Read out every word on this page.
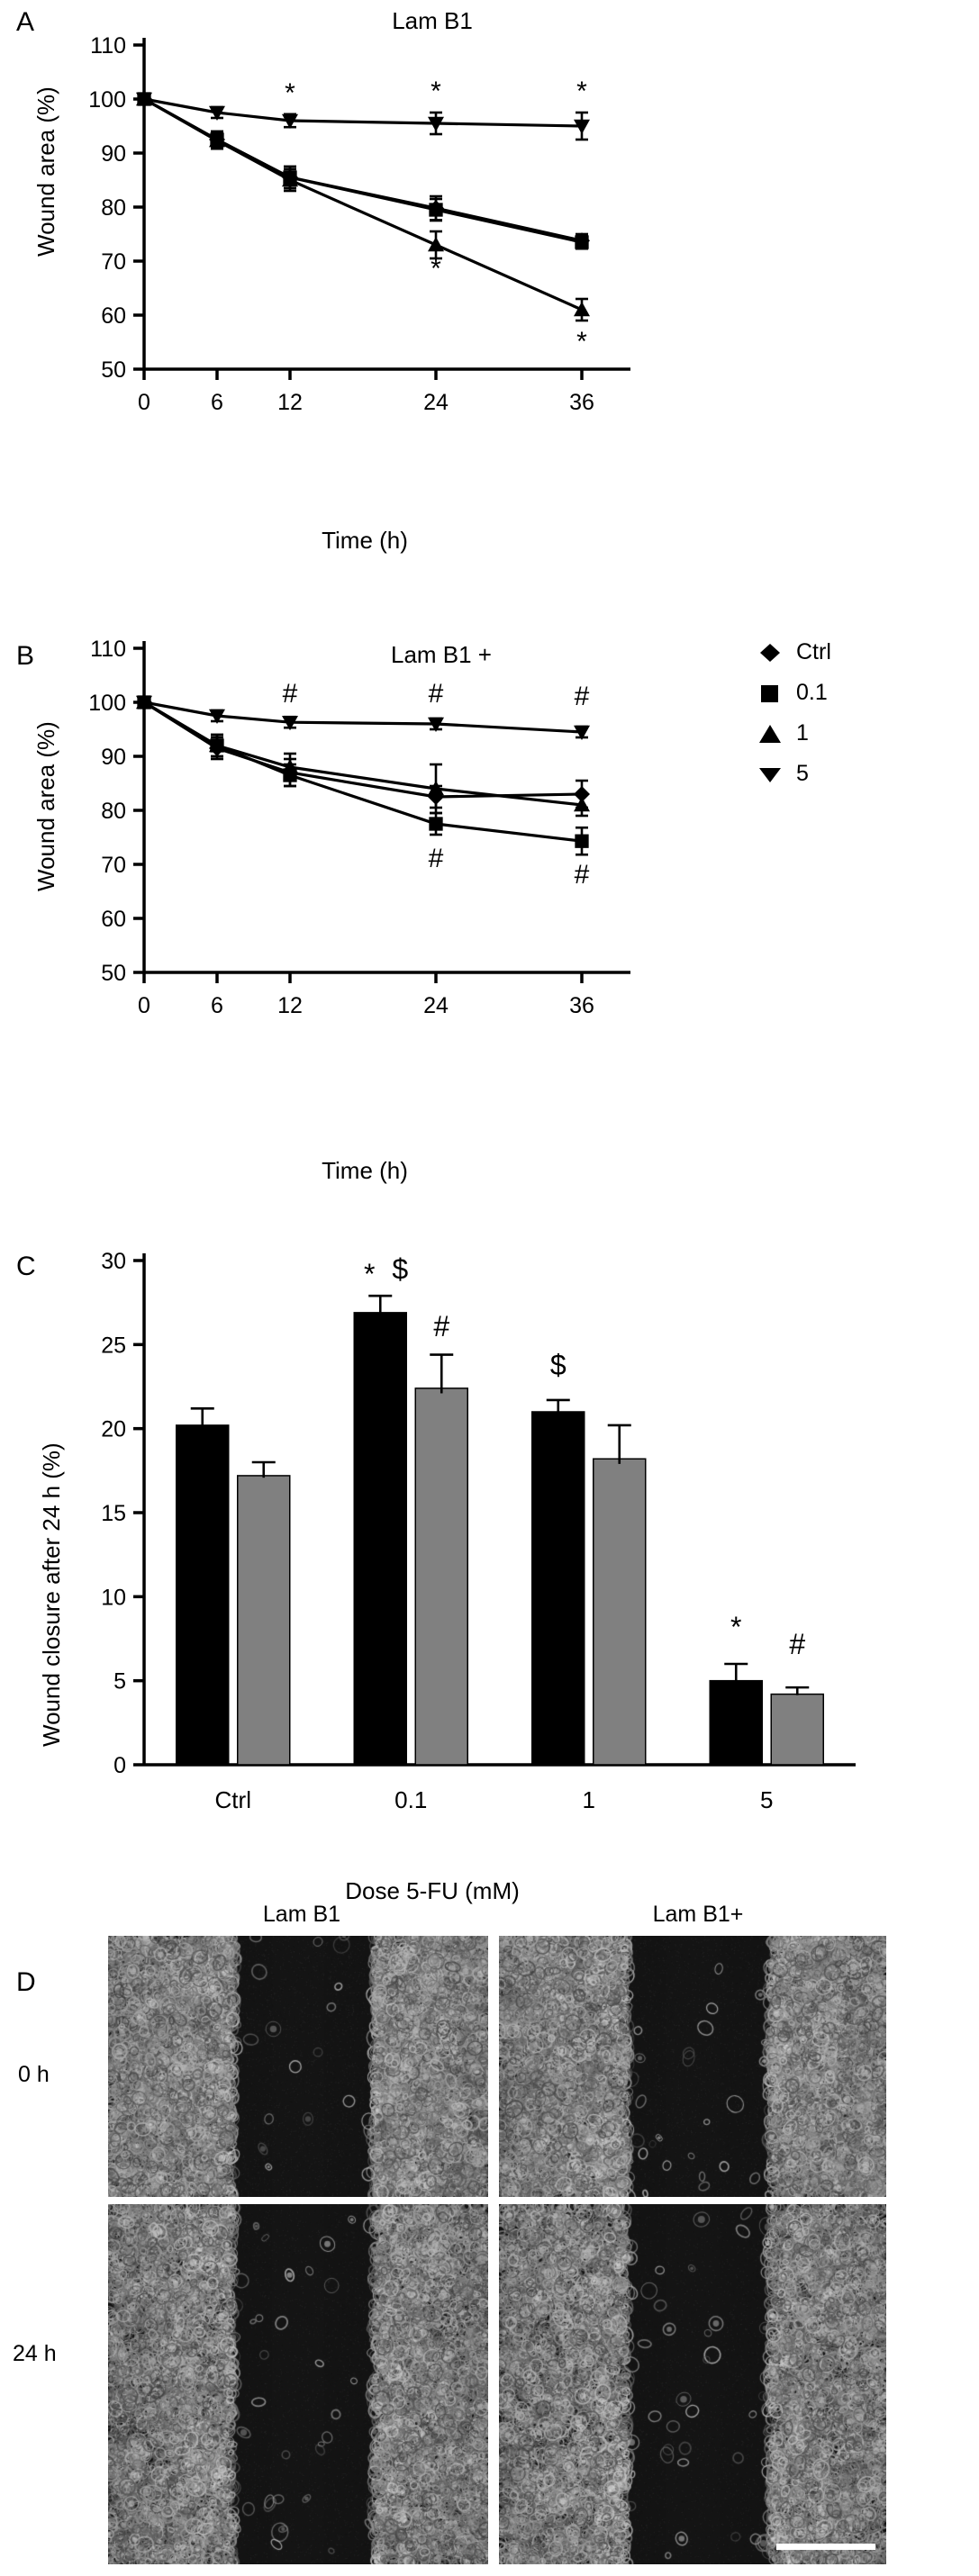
A	Lam B1
Wound area (%)
Time (h)
50
60
70
80
90
100
110
0	6 12	24	36
*	*	*
*
*
B	Lam B1 +
Wound area (%)
Time (h)
50
60
70
80
90
100
110
0	6 12	24	36
#	#	#
#
#
Ctrl
0.1
1
5
C
Wound closure after 24 h (%)
Dose 5-FU (mM)
0
5
10
15
20
25
30
Ctrl	0.1	1	5
* $
#
$
*
#
D
Lam B1	Lam B1+
0 h
24 h
